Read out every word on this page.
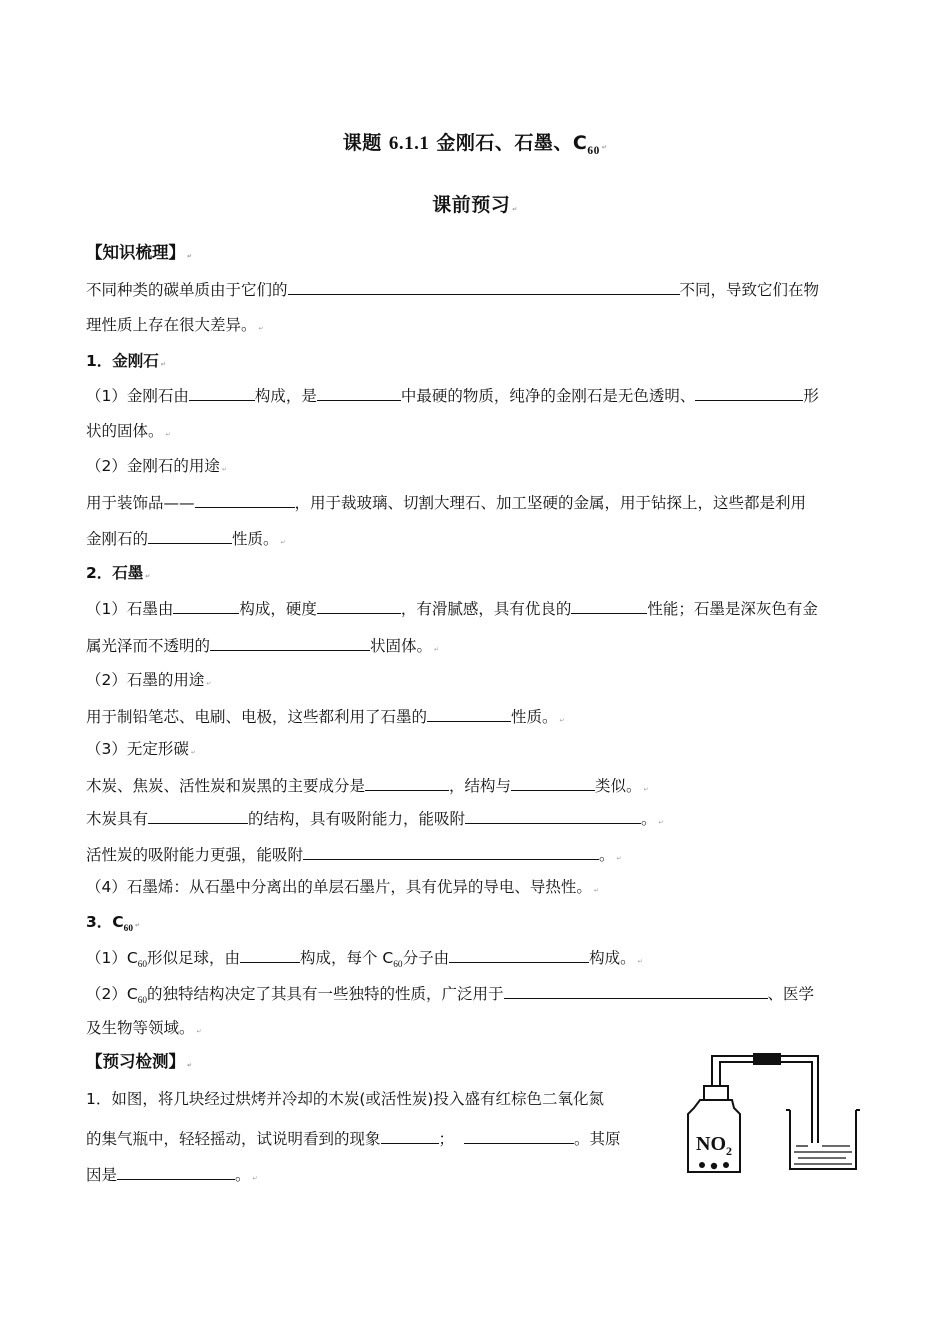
课题 6.1.1 金刚石、石墨、$C_{60}$ ↵
课前预习 ↵
【知识梳理】 ↵
不同种类的碳单质由于它们的	不同，导致它们在物
理性质上存在很大差异。 ↵
1．金刚石 ↵
（1）金刚石由	构成，是	中最硬的物质，纯净的金刚石是无色透明、	形
状的固体。 ↵
（2）金刚石的用途 ↵
用于装饰品——	，用于裁玻璃、切割大理石、加工坚硬的金属，用于钻探上，这些都是利用
金刚石的	性质。 ↵
2．石墨 ↵
（1）石墨由	构成，硬度	，有滑腻感，具有优良的	性能；石墨是深灰色有金
属光泽而不透明的	状固体。 ↵
（2）石墨的用途 ↵
用于制铅笔芯、电刷、电极，这些都利用了石墨的	性质。 ↵
（3）无定形碳 ↵
木炭、焦炭、活性炭和炭黑的主要成分是	，结构与	类似。 ↵
木炭具有	的结构，具有吸附能力，能吸附	。 ↵
活性炭的吸附能力更强，能吸附	。 ↵
（4）石墨烯：从石墨中分离出的单层石墨片，具有优异的导电、导热性。 ↵
3．$C_{60}$ ↵
$(1)C_{60}$形似足球，由	构成，每个 $C_{60}$分子由	构成。 ↵
$(2)C_{60}$的独特结构决定了其具有一些独特的性质，广泛用于	、医学
及生物等领域。 ↵
【预习检测】 ↵
1．如图，将几块经过烘烤并冷却的木炭(或活性炭)投入盛有红棕色二氧化氮
的集气瓶中，轻轻摇动，试说明看到的现象	；	。其原
因是	。 ↵
$NO_2$
